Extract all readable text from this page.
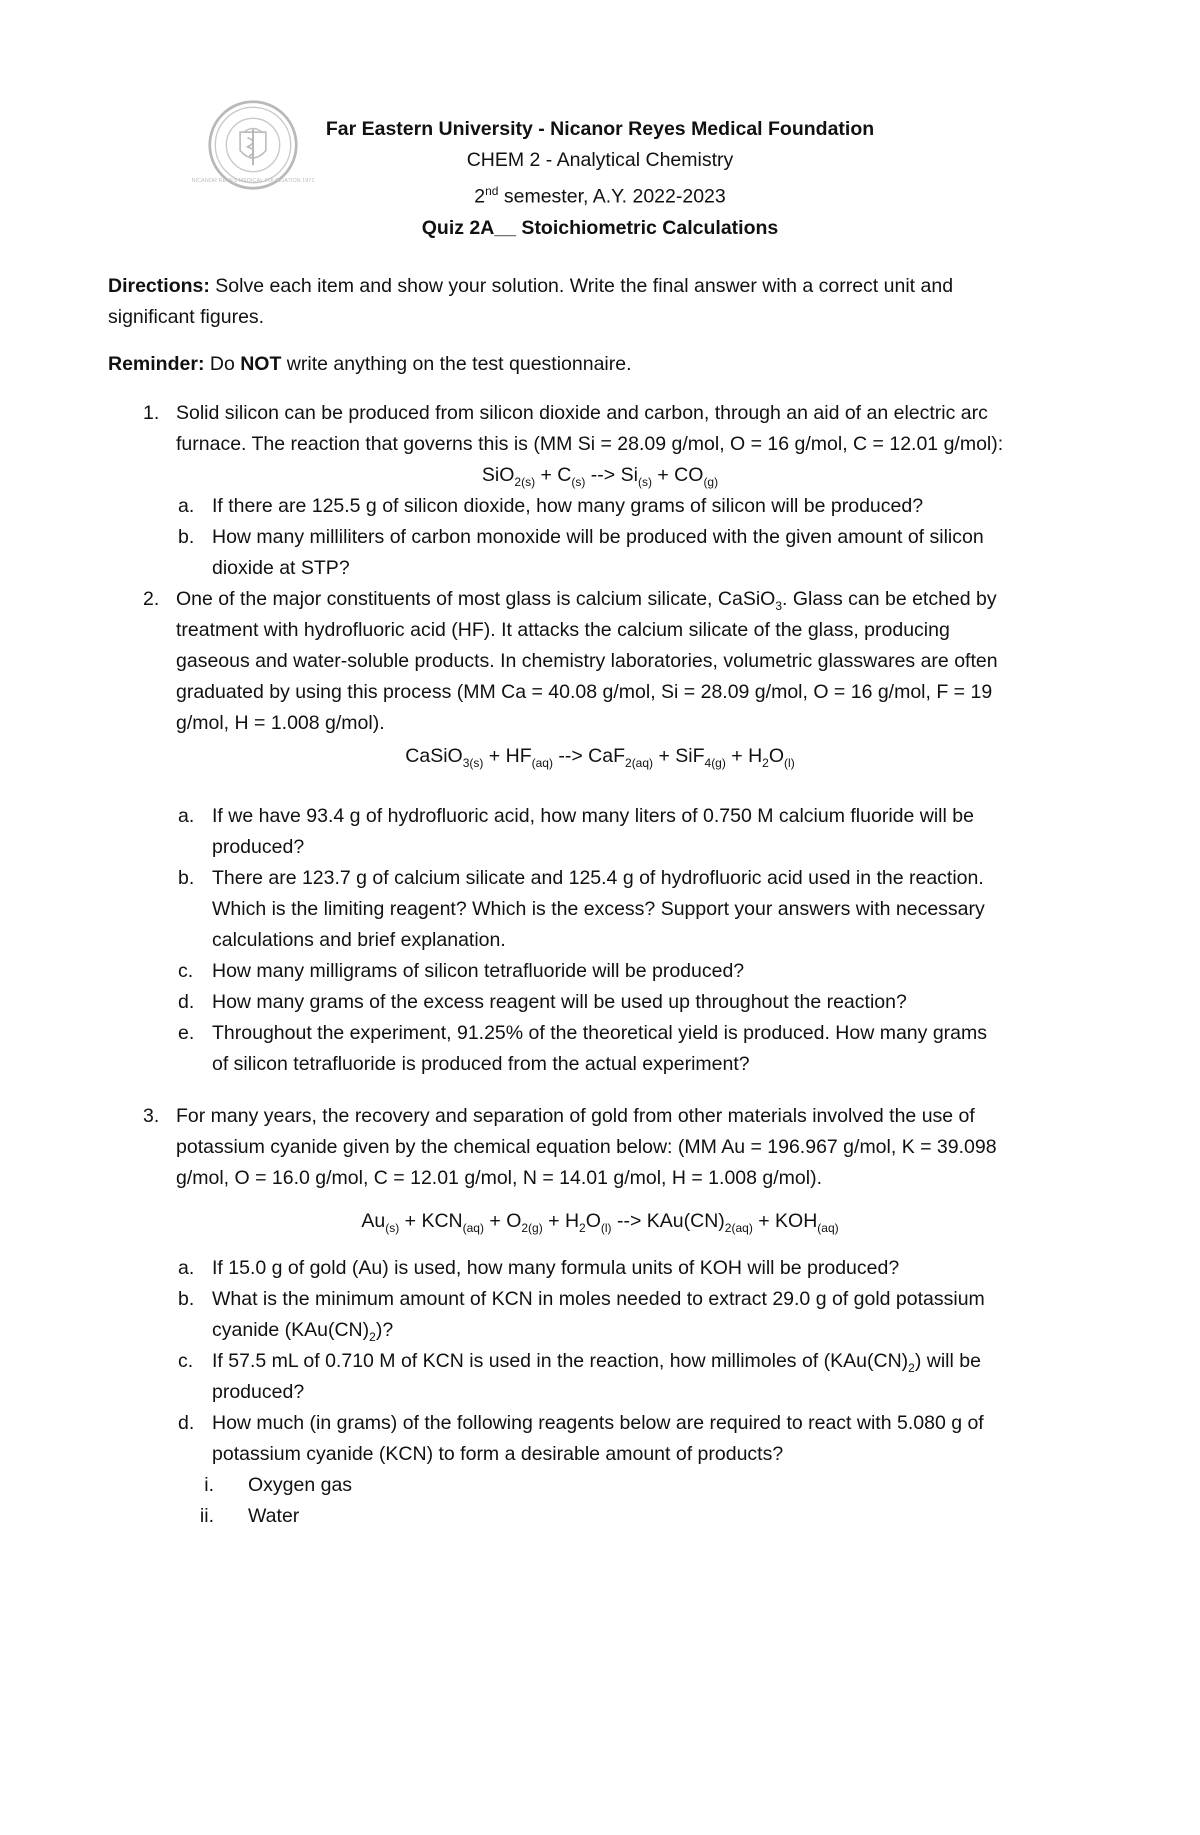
NICANOR REYES MEDICAL FOUNDATION 1971
Far Eastern University - Nicanor Reyes Medical Foundation
CHEM 2 - Analytical Chemistry
2nd semester, A.Y. 2022-2023
Quiz 2A__ Stoichiometric Calculations
Directions: Solve each item and show your solution. Write the final answer with a correct unit and
significant figures.
Reminder: Do NOT write anything on the test questionnaire.
1. Solid silicon can be produced from silicon dioxide and carbon, through an aid of an electric arc
furnace. The reaction that governs this is (MM Si = 28.09 g/mol, O = 16 g/mol, C = 12.01 g/mol):
$SiO_{2(s)} + C_{(s)}$ --> $Si_{(s)} + CO_{(g)}$
a. If there are 125.5 g of silicon dioxide, how many grams of silicon will be produced?
b. How many milliliters of carbon monoxide will be produced with the given amount of silicon
dioxide at STP?
2. One of the major constituents of most glass is calcium silicate, CaSiO$_3$. Glass can be etched by
treatment with hydrofluoric acid (HF). It attacks the calcium silicate of the glass, producing
gaseous and water-soluble products. In chemistry laboratories, volumetric glasswares are often
graduated by using this process (MM Ca = 40.08 g/mol, Si = 28.09 g/mol, O = 16 g/mol, F = 19
g/mol, H = 1.008 g/mol).
CaSiO$_{3(s)}$ + $HF_{(aq)}$ --> $CaF_{2(aq)} + SiF_{4(g)} + H_2O_{(l)}$
a. If we have 93.4 g of hydrofluoric acid, how many liters of 0.750 M calcium fluoride will be
produced?
b. There are 123.7 g of calcium silicate and 125.4 g of hydrofluoric acid used in the reaction.
Which is the limiting reagent? Which is the excess? Support your answers with necessary
calculations and brief explanation.
c. How many milligrams of silicon tetrafluoride will be produced?
d. How many grams of the excess reagent will be used up throughout the reaction?
e. Throughout the experiment, 91.25% of the theoretical yield is produced. How many grams
of silicon tetrafluoride is produced from the actual experiment?
3. For many years, the recovery and separation of gold from other materials involved the use of
potassium cyanide given by the chemical equation below: (MM Au = 196.967 g/mol, K = 39.098
g/mol, O = 16.0 g/mol, C = 12.01 g/mol, N = 14.01 g/mol, H = 1.008 g/mol).
$Au_{(s)} + KCN_{(aq)} + O_{2(g)} + H_2O_{(l)}$ --> $KAu(CN)_{2(aq)} + KOH_{(aq)}$
a. If 15.0 g of gold (Au) is used, how many formula units of KOH will be produced?
b. What is the minimum amount of KCN in moles needed to extract 29.0 g of gold potassium
cyanide $(KAu(CN)_2)$?
c. If 57.5 mL of 0.710 M of KCN is used in the reaction, how millimoles of $(KAu(CN)_2)$ will be
produced?
d. How much (in grams) of the following reagents below are required to react with 5.080 g of
potassium cyanide (KCN) to form a desirable amount of products?
i. Oxygen gas
ii. Water
